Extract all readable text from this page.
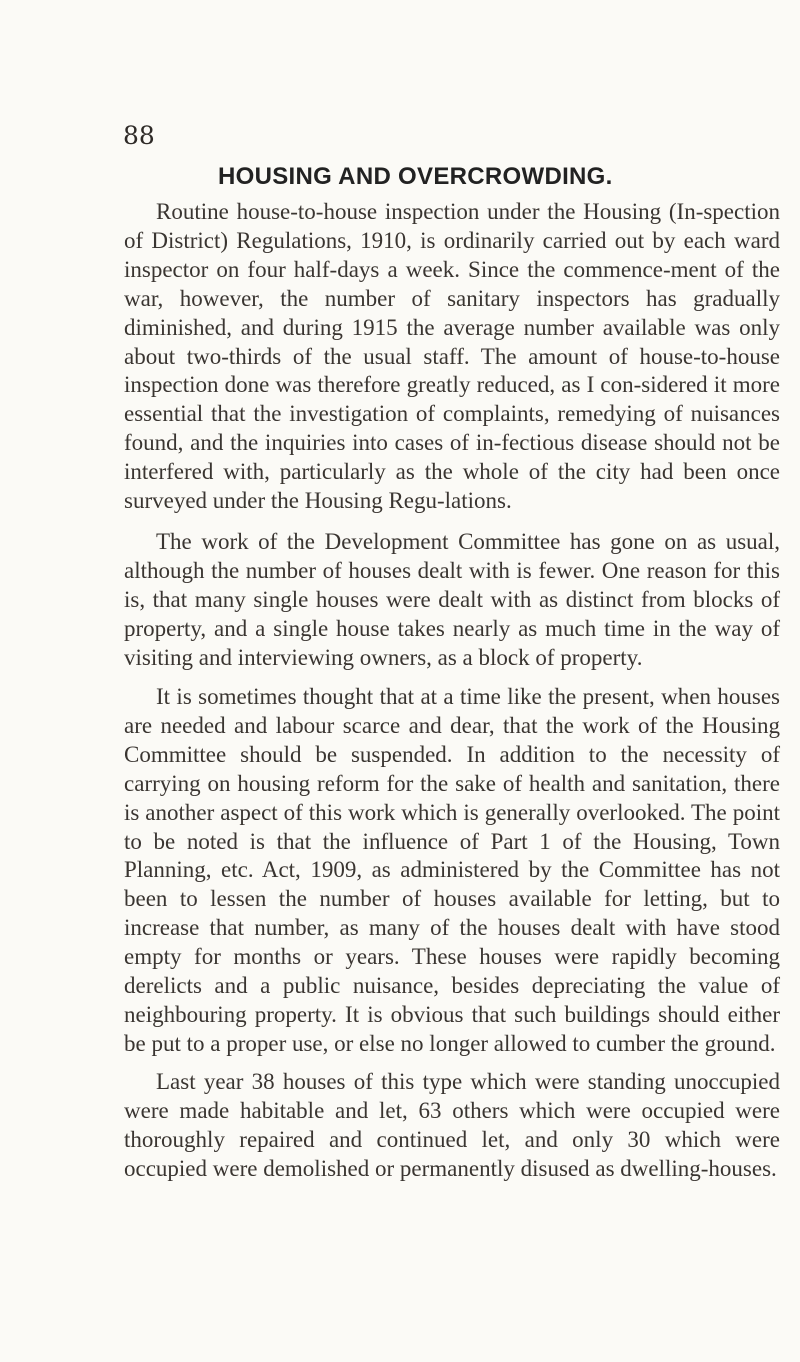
88
HOUSING AND OVERCROWDING.

Routine house-to-house inspection under the Housing (In-spection of District) Regulations, 1910, is ordinarily carried out by each ward inspector on four half-days a week. Since the commence-ment of the war, however, the number of sanitary inspectors has gradually diminished, and during 1915 the average number available was only about two-thirds of the usual staff. The amount of house-to-house inspection done was therefore greatly reduced, as I con-sidered it more essential that the investigation of complaints, remedying of nuisances found, and the inquiries into cases of in-fectious disease should not be interfered with, particularly as the whole of the city had been once surveyed under the Housing Regu-lations.

The work of the Development Committee has gone on as usual, although the number of houses dealt with is fewer. One reason for this is, that many single houses were dealt with as distinct from blocks of property, and a single house takes nearly as much time in the way of visiting and interviewing owners, as a block of property.

It is sometimes thought that at a time like the present, when houses are needed and labour scarce and dear, that the work of the Housing Committee should be suspended. In addition to the necessity of carrying on housing reform for the sake of health and sanitation, there is another aspect of this work which is generally overlooked. The point to be noted is that the influence of Part 1 of the Housing, Town Planning, etc. Act, 1909, as administered by the Committee has not been to lessen the number of houses available for letting, but to increase that number, as many of the houses dealt with have stood empty for months or years. These houses were rapidly becoming derelicts and a public nuisance, besides depreciating the value of neighbouring property. It is obvious that such buildings should either be put to a proper use, or else no longer allowed to cumber the ground.

Last year 38 houses of this type which were standing unoccupied were made habitable and let, 63 others which were occupied were thoroughly repaired and continued let, and only 30 which were occupied were demolished or permanently disused as dwelling-houses.
